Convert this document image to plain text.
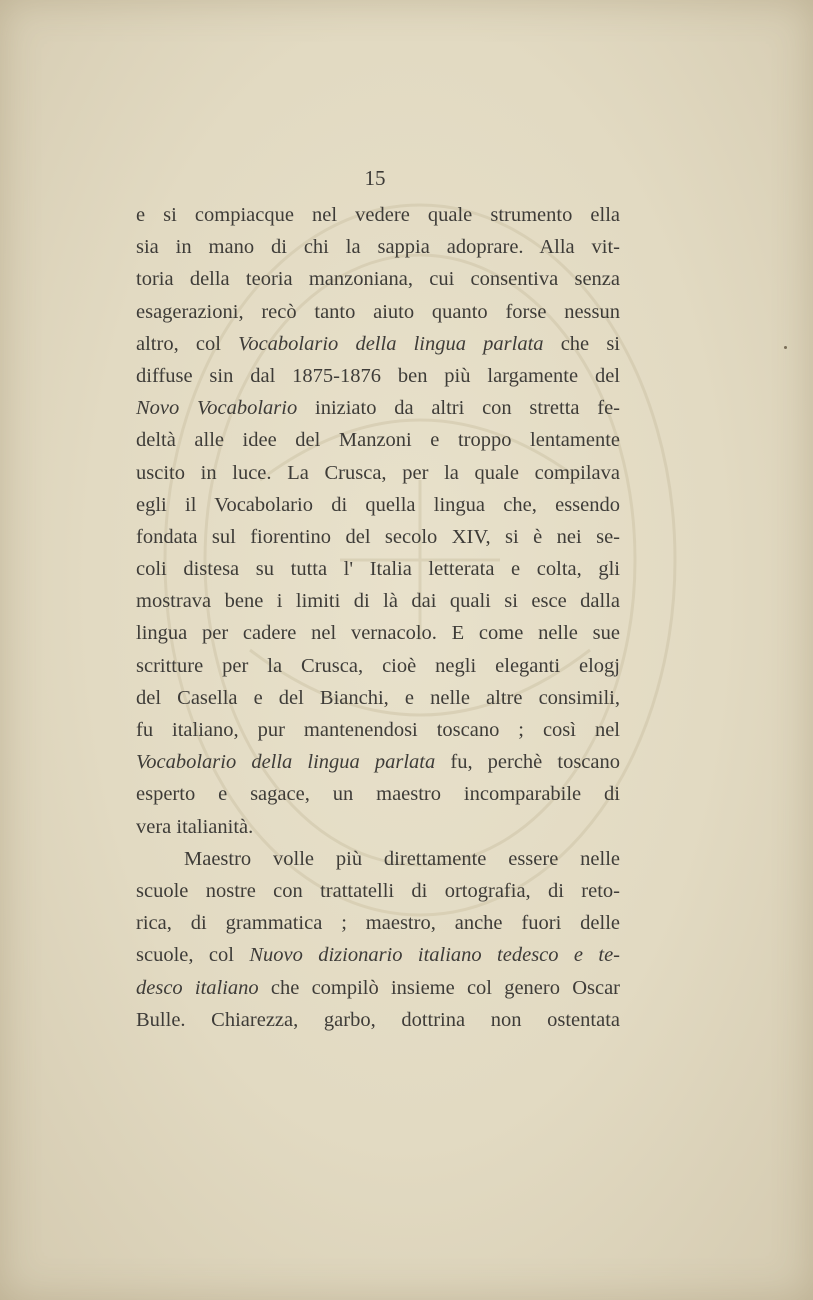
15
e si compiacque nel vedere quale strumento ella
sia in mano di chi la sappia adoprare. Alla vit-
toria della teoria manzoniana, cui consentiva senza
esagerazioni, recò tanto aiuto quanto forse nessun
altro, col Vocabolario della lingua parlata che si
diffuse sin dal 1875-1876 ben più largamente del
Novo Vocabolario iniziato da altri con stretta fe-
deltà alle idee del Manzoni e troppo lentamente
uscito in luce. La Crusca, per la quale compilava
egli il Vocabolario di quella lingua che, essendo
fondata sul fiorentino del secolo XIV, si è nei se-
coli distesa su tutta l' Italia letterata e colta, gli
mostrava bene i limiti di là dai quali si esce dalla
lingua per cadere nel vernacolo. E come nelle sue
scritture per la Crusca, cioè negli eleganti elogj
del Casella e del Bianchi, e nelle altre consimili,
fu italiano, pur mantenendosi toscano ; così nel
Vocabolario della lingua parlata fu, perchè toscano
esperto e sagace, un maestro incomparabile di
vera italianità.
Maestro volle più direttamente essere nelle
scuole nostre con trattatelli di ortografia, di reto-
rica, di grammatica ; maestro, anche fuori delle
scuole, col Nuovo dizionario italiano tedesco e te-
desco italiano che compilò insieme col genero Oscar
Bulle. Chiarezza, garbo, dottrina non ostentata
